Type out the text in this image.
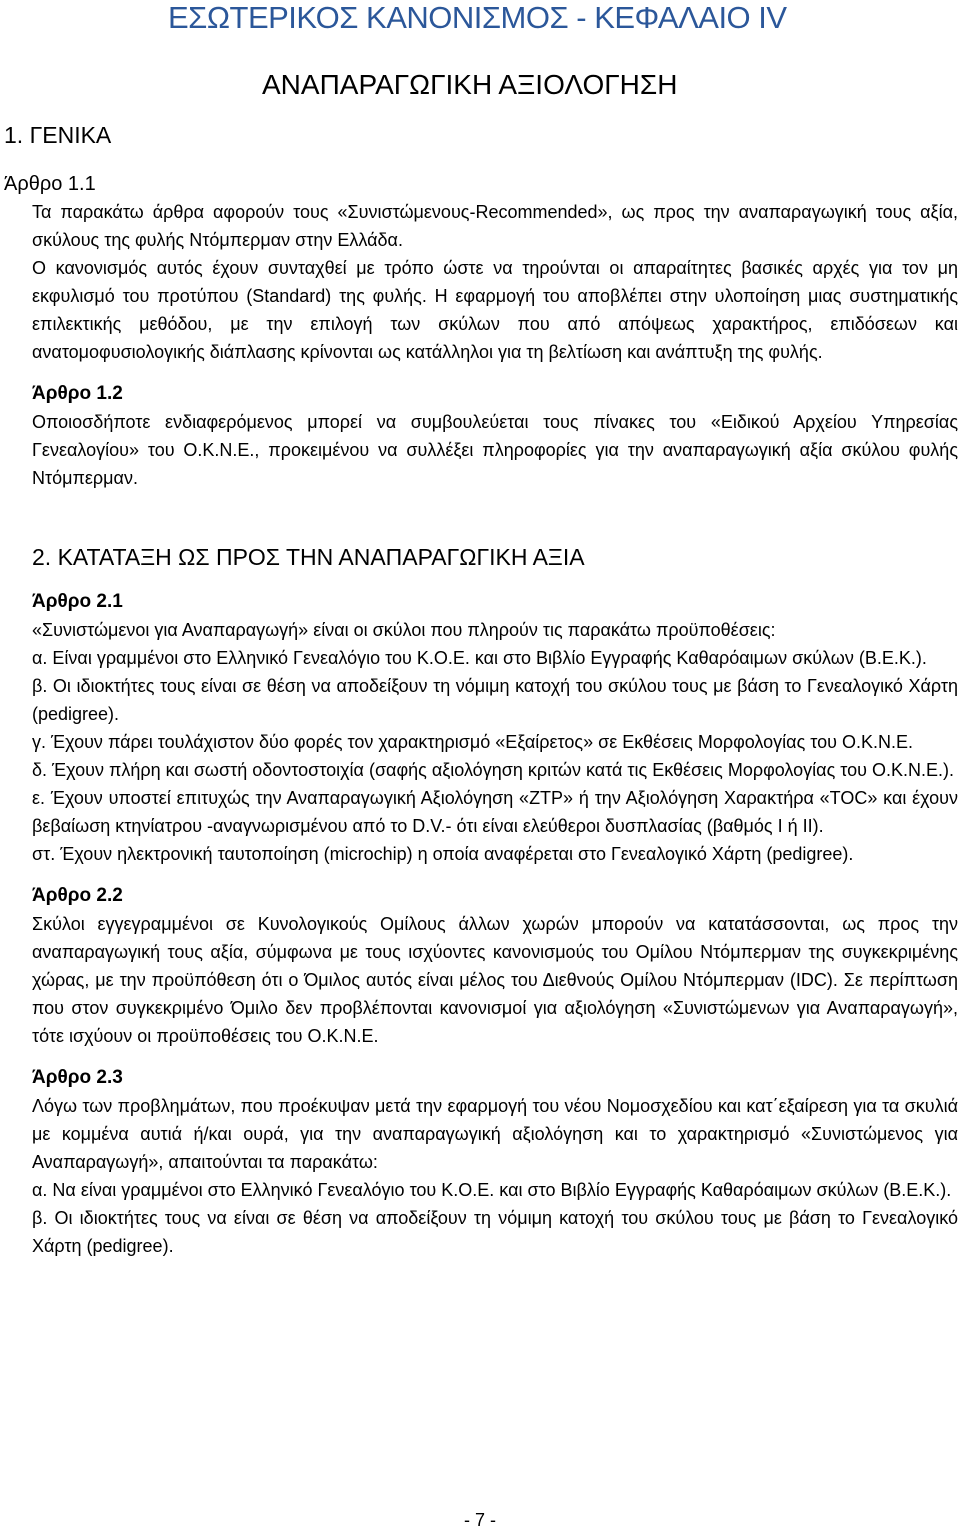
ΕΣΩΤΕΡΙΚΟΣ ΚΑΝΟΝΙΣΜΟΣ - ΚΕΦΑΛΑΙΟ IV
ΑΝΑΠΑΡΑΓΩΓΙΚΗ ΑΞΙΟΛΟΓΗΣΗ
1. ΓΕΝΙΚΑ
Άρθρο 1.1

Τα παρακάτω άρθρα αφορούν τους «Συνιστώμενους-Recommended», ως προς την αναπαραγωγική τους αξία, σκύλους της φυλής Ντόμπερμαν στην Ελλάδα.

Ο κανονισμός αυτός έχουν συνταχθεί με τρόπο ώστε να τηρούνται οι απαραίτητες βασικές αρχές για τον μη εκφυλισμό του προτύπου (Standard) της φυλής. Η εφαρμογή του αποβλέπει στην υλοποίηση μιας συστηματικής επιλεκτικής μεθόδου, με την επιλογή των σκύλων που από απόψεως χαρακτήρος, επιδόσεων και ανατομοφυσιολογικής διάπλασης κρίνονται ως κατάλληλοι για τη βελτίωση και ανάπτυξη της φυλής.

Άρθρο 1.2

Οποιοσδήποτε ενδιαφερόμενος μπορεί να συμβουλεύεται τους πίνακες του «Ειδικού Αρχείου Υπηρεσίας Γενεαλογίου» του Ο.Κ.Ν.Ε., προκειμένου να συλλέξει πληροφορίες για την αναπαραγωγική αξία σκύλου φυλής Ντόμπερμαν.

2. ΚΑΤΑΤΑΞΗ ΩΣ ΠΡΟΣ ΤΗΝ ΑΝΑΠΑΡΑΓΩΓΙΚΗ ΑΞΙΑ
Άρθρο 2.1

«Συνιστώμενοι για Αναπαραγωγή» είναι οι σκύλοι που πληρούν τις παρακάτω προϋποθέσεις:

α. Είναι γραμμένοι στο Ελληνικό Γενεαλόγιο του Κ.Ο.Ε. και στο Βιβλίο Εγγραφής Καθαρόαιμων σκύλων (Β.Ε.Κ.).

β. Οι ιδιοκτήτες τους είναι σε θέση να αποδείξουν τη νόμιμη κατοχή του σκύλου τους με βάση το Γενεαλογικό Χάρτη (pedigree).

γ. Έχουν πάρει τουλάχιστον δύο φορές τον χαρακτηρισμό «Εξαίρετος» σε Εκθέσεις Μορφολογίας του Ο.Κ.Ν.Ε.

δ. Έχουν πλήρη και σωστή οδοντοστοιχία (σαφής αξιολόγηση κριτών κατά τις Εκθέσεις Μορφολογίας του Ο.Κ.Ν.Ε.).

ε. Έχουν υποστεί επιτυχώς την Αναπαραγωγική Αξιολόγηση «ZTP» ή την Αξιολόγηση Χαρακτήρα «TOC» και έχουν βεβαίωση κτηνίατρου -αναγνωρισμένου από το D.V.- ότι είναι ελεύθεροι δυσπλασίας (βαθμός Ι ή ΙΙ).

στ. Έχουν ηλεκτρονική ταυτοποίηση (microchip) η οποία αναφέρεται στο Γενεαλογικό Χάρτη (pedigree).

Άρθρο 2.2

Σκύλοι εγγεγραμμένοι σε Κυνολογικούς Ομίλους άλλων χωρών μπορούν να κατατάσσονται, ως προς την αναπαραγωγική τους αξία, σύμφωνα με τους ισχύοντες κανονισμούς του Ομίλου Ντόμπερμαν της συγκεκριμένης χώρας, με την προϋπόθεση ότι ο Όμιλος αυτός είναι μέλος του Διεθνούς Ομίλου Ντόμπερμαν (IDC). Σε περίπτωση που στον συγκεκριμένο Όμιλο δεν προβλέπονται κανονισμοί για αξιολόγηση «Συνιστώμενων για Αναπαραγωγή», τότε ισχύουν οι προϋποθέσεις του Ο.Κ.Ν.Ε.

Άρθρο 2.3

Λόγω των προβλημάτων, που προέκυψαν μετά την εφαρμογή του νέου Νομοσχεδίου και κατ΄εξαίρεση για τα σκυλιά με κομμένα αυτιά ή/και ουρά, για την αναπαραγωγική αξιολόγηση και το χαρακτηρισμό «Συνιστώμενος για Αναπαραγωγή», απαιτούνται τα παρακάτω:

α. Να είναι γραμμένοι στο Ελληνικό Γενεαλόγιο του Κ.Ο.Ε. και στο Βιβλίο Εγγραφής Καθαρόαιμων σκύλων (Β.Ε.Κ.).

β. Οι ιδιοκτήτες τους να είναι σε θέση να αποδείξουν τη νόμιμη κατοχή του σκύλου τους με βάση το Γενεαλογικό Χάρτη (pedigree).

- 7 -
